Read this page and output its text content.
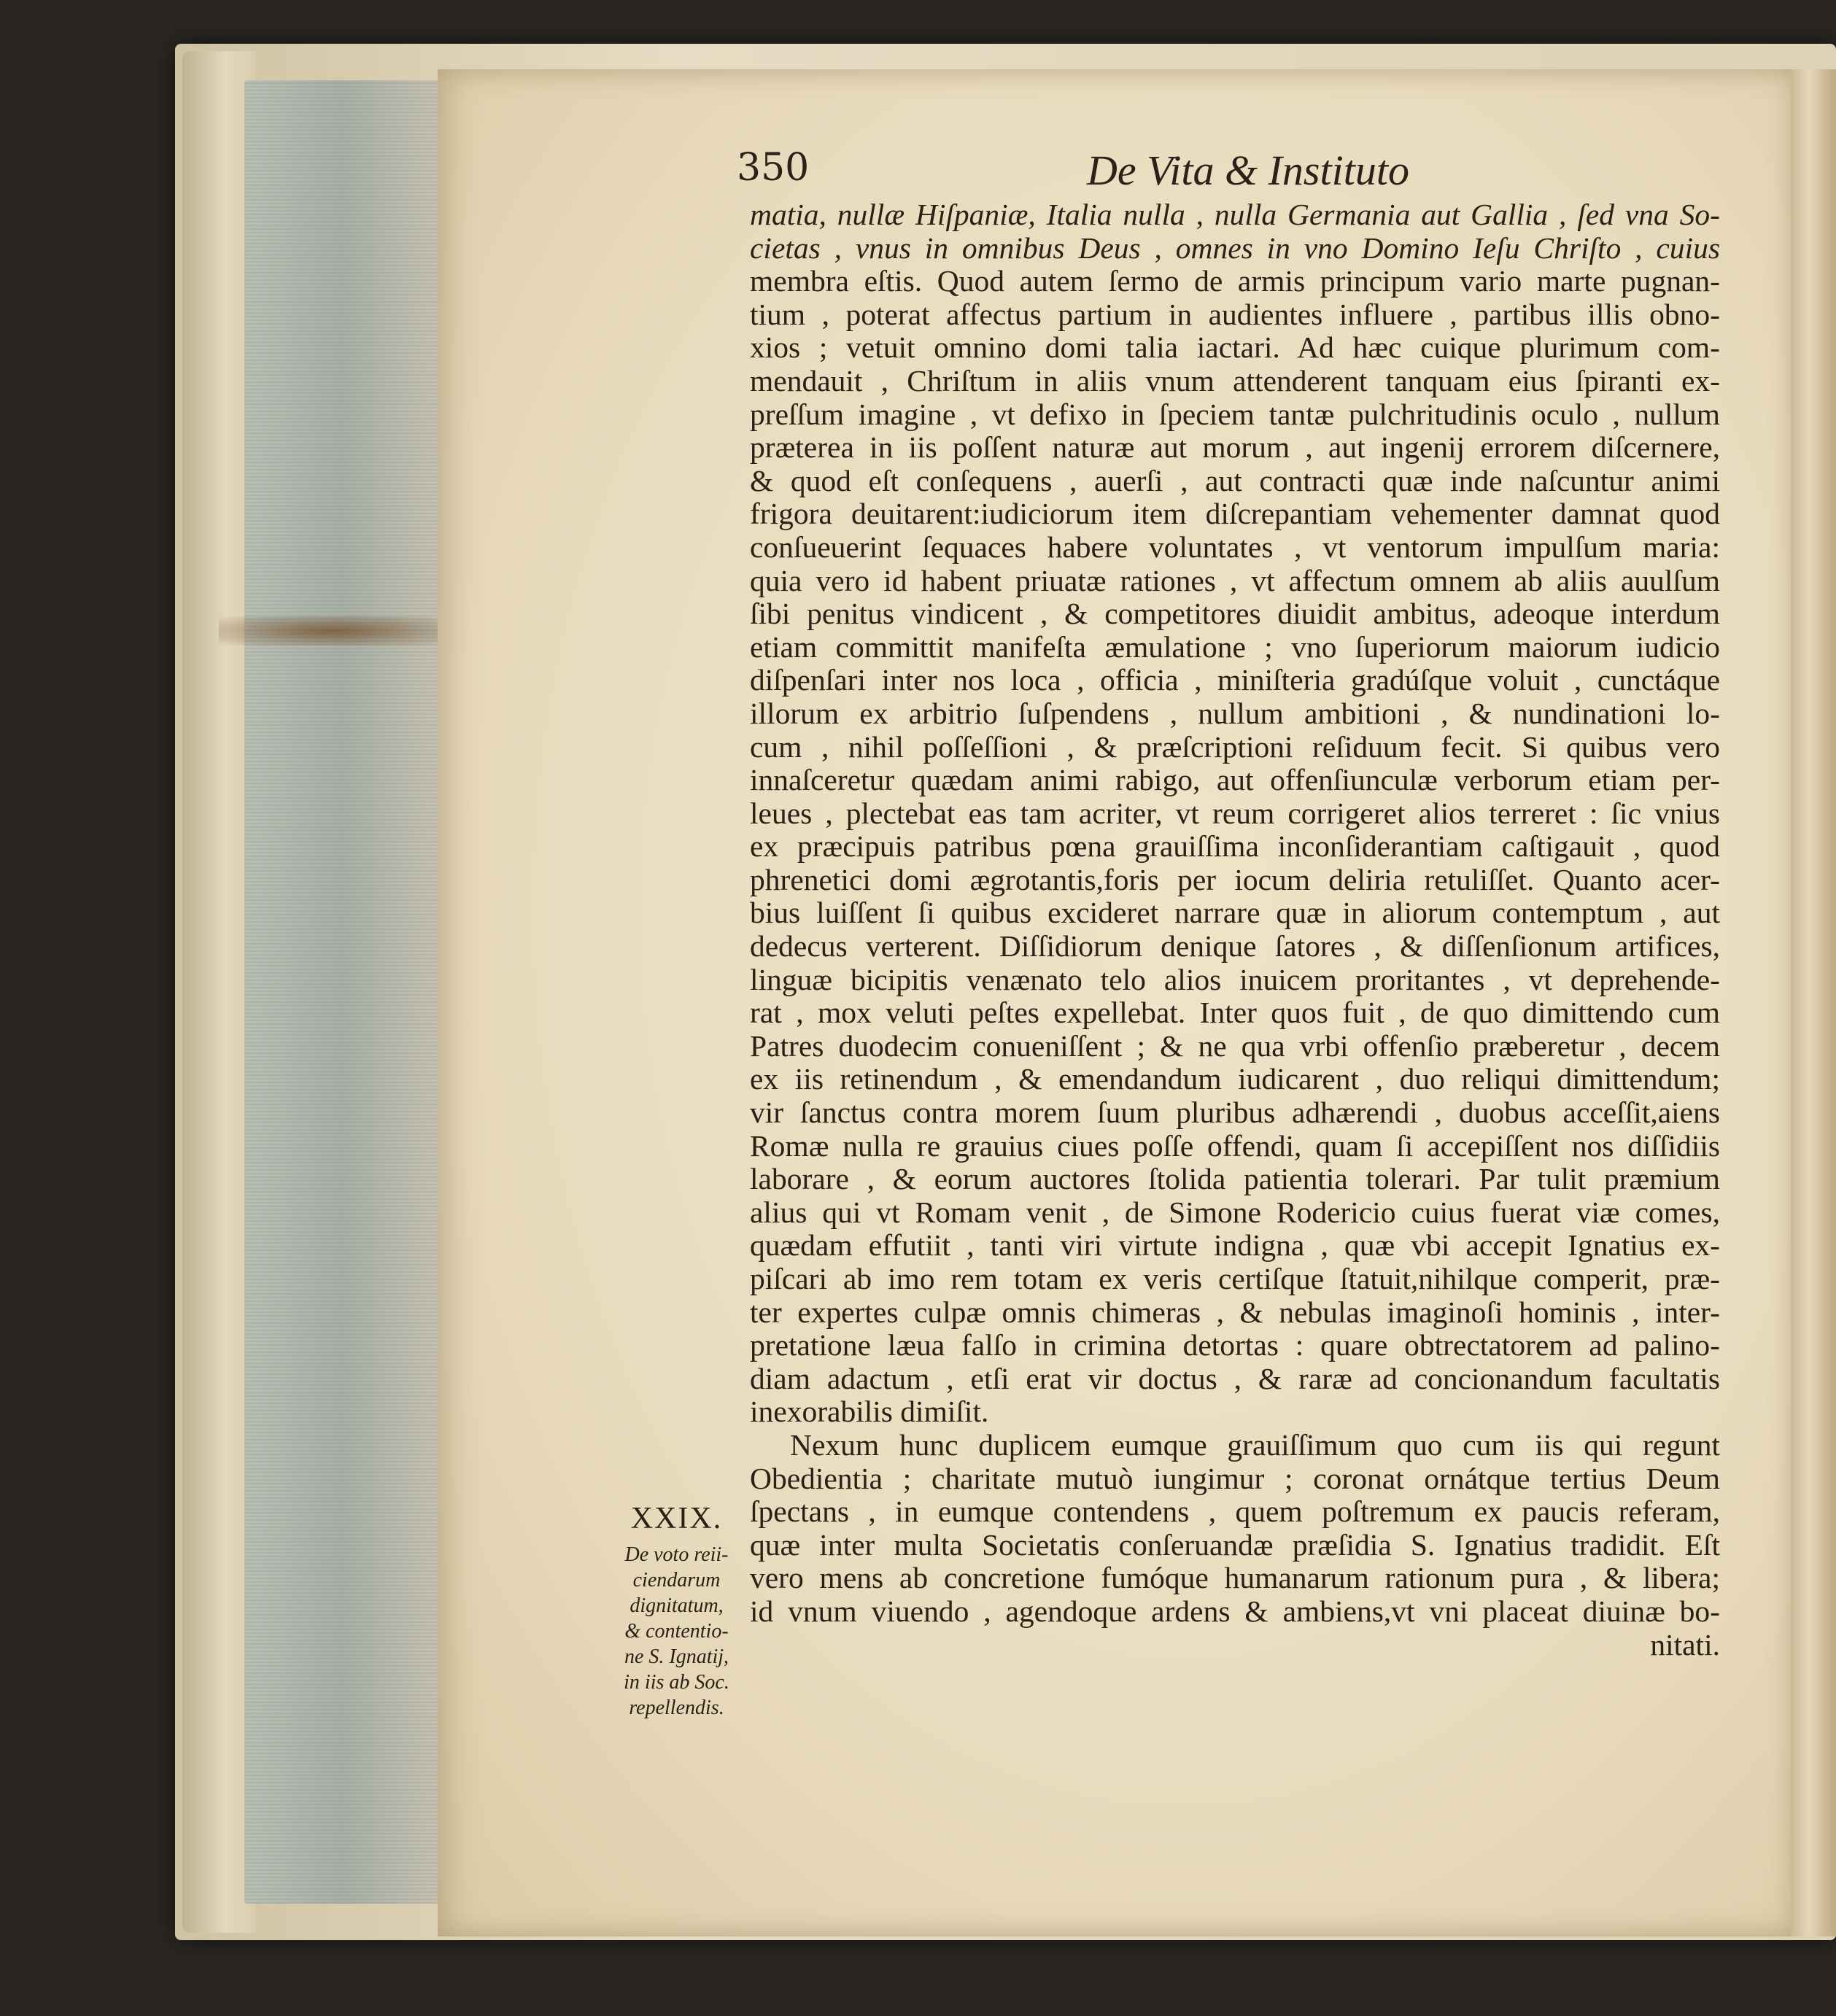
350	De Vita & Instituto
matia, nullæ Hiſpaniæ, Italia nulla , nulla Germania aut Gallia , ſed vna So-
cietas , vnus in omnibus Deus , omnes in vno Domino Ieſu Chriſto , cuius
membra eſtis. Quod autem ſermo de armis principum vario marte pugnan-
tium , poterat affectus partium in audientes influere , partibus illis obno-
xios ; vetuit omnino domi talia iactari. Ad hæc cuique plurimum com-
mendauit , Chriſtum in aliis vnum attenderent tanquam eius ſpiranti ex-
preſſum imagine , vt defixo in ſpeciem tantæ pulchritudinis oculo , nullum
præterea in iis poſſent naturæ aut morum , aut ingenij errorem diſcernere,
& quod eſt conſequens , auerſi , aut contracti quæ inde naſcuntur animi
frigora deuitarent:iudiciorum item diſcrepantiam vehementer damnat quod
conſueuerint ſequaces habere voluntates , vt ventorum impulſum maria:
quia vero id habent priuatæ rationes , vt affectum omnem ab aliis auulſum
ſibi penitus vindicent , & competitores diuidit ambitus, adeoque interdum
etiam committit manifeſta æmulatione ; vno ſuperiorum maiorum iudicio
diſpenſari inter nos loca , officia , miniſteria gradúſque voluit , cunctáque
illorum ex arbitrio ſuſpendens , nullum ambitioni , & nundinationi lo-
cum , nihil poſſeſſioni , & præſcriptioni reſiduum fecit. Si quibus vero
innaſceretur quædam animi rabigo, aut offenſiunculæ verborum etiam per-
leues , plectebat eas tam acriter, vt reum corrigeret alios terreret : ſic vnius
ex præcipuis patribus pœna grauiſſima inconſiderantiam caſtigauit , quod
phrenetici domi ægrotantis,foris per iocum deliria retuliſſet. Quanto acer-
bius luiſſent ſi quibus excideret narrare quæ in aliorum contemptum , aut
dedecus verterent. Diſſidiorum denique ſatores , & diſſenſionum artifices,
linguæ bicipitis venænato telo alios inuicem proritantes , vt deprehende-
rat , mox veluti peſtes expellebat. Inter quos fuit , de quo dimittendo cum
Patres duodecim conueniſſent ; & ne qua vrbi offenſio præberetur , decem
ex iis retinendum , & emendandum iudicarent , duo reliqui dimittendum;
vir ſanctus contra morem ſuum pluribus adhærendi , duobus acceſſit,aiens
Romæ nulla re grauius ciues poſſe offendi, quam ſi accepiſſent nos diſſidiis
laborare , & eorum auctores ſtolida patientia tolerari. Par tulit præmium
alius qui vt Romam venit , de Simone Rodericio cuius fuerat viæ comes,
quædam effutiit , tanti viri virtute indigna , quæ vbi accepit Ignatius ex-
piſcari ab imo rem totam ex veris certiſque ſtatuit,nihilque comperit, præ-
ter expertes culpæ omnis chimeras , & nebulas imaginoſi hominis , inter-
pretatione læua falſo in crimina detortas : quare obtrectatorem ad palino-
diam adactum , etſi erat vir doctus , & raræ ad concionandum facultatis
inexorabilis dimiſit.
Nexum hunc duplicem eumque grauiſſimum quo cum iis qui regunt
Obedientia ; charitate mutuò iungimur ; coronat ornátque tertius Deum
ſpectans , in eumque contendens , quem poſtremum ex paucis referam,
quæ inter multa Societatis conſeruandæ præſidia S. Ignatius tradidit. Eſt
vero mens ab concretione fumóque humanarum rationum pura , & libera;
id vnum viuendo , agendoque ardens & ambiens,vt vni placeat diuinæ bo-
nitati.
XXIX.
De voto reii-
ciendarum
dignitatum,
& contentio-
ne S. Ignatij,
in iis ab Soc.
repellendis.
